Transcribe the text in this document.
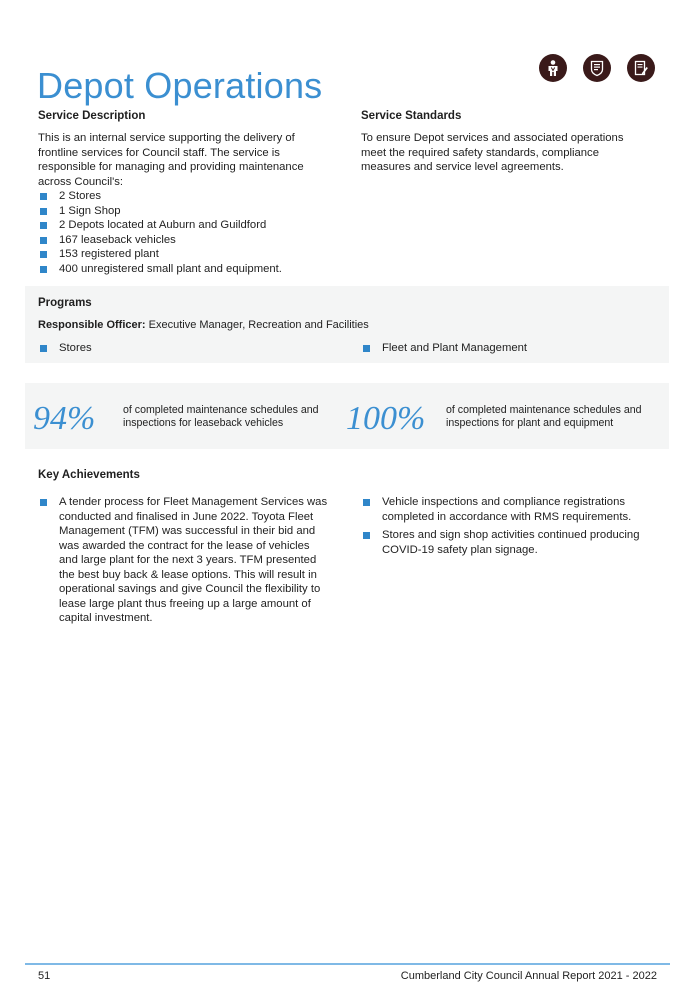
Depot Operations
Service Description

This is an internal service supporting the delivery of frontline services for Council staff. The service is responsible for managing and providing maintenance across Council's:

2 Stores
1 Sign Shop
2 Depots located at Auburn and Guildford
167 leaseback vehicles
153 registered plant
400 unregistered small plant and equipment.
Service Standards

To ensure Depot services and associated operations meet the required safety standards, compliance measures and service level agreements.

Programs
Responsible Officer: Executive Manager, Recreation and Facilities
Stores	Fleet and Plant Management
94%	of completed maintenance schedules and inspections for leaseback vehicles	100% of completed maintenance schedules and inspections for plant and equipment
Key Achievements
A tender process for Fleet Management Services was conducted and finalised in June 2022. Toyota Fleet Management (TFM) was successful in their bid and was awarded the contract for the lease of vehicles and large plant for the next 3 years. TFM presented the best buy back & lease options. This will result in operational savings and give Council the flexibility to lease large plant thus freeing up a large amount of capital investment.
Vehicle inspections and compliance registrations completed in accordance with RMS requirements.
Stores and sign shop activities continued producing COVID-19 safety plan signage.
51	Cumberland City Council Annual Report 2021 - 2022
